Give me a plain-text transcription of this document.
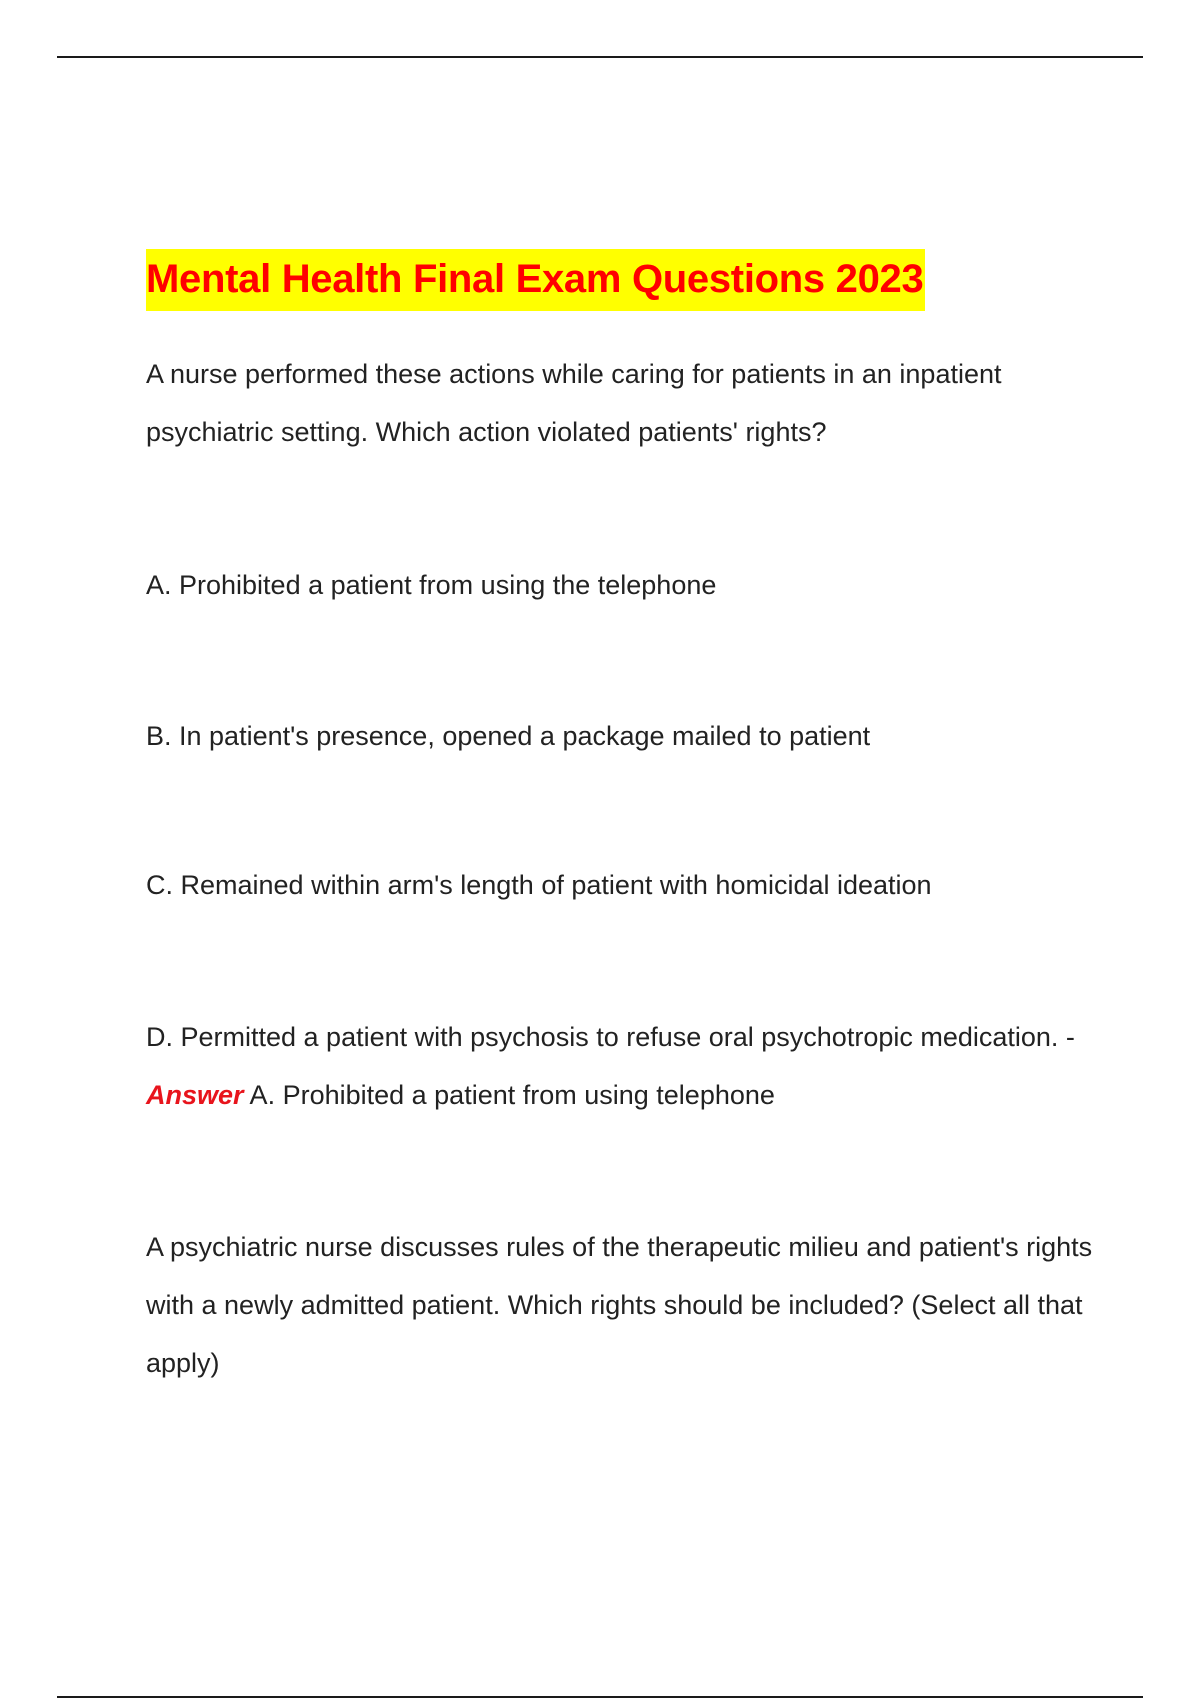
Mental Health Final Exam Questions 2023

A nurse performed these actions while caring for patients in an inpatient psychiatric setting. Which action violated patients' rights?

A. Prohibited a patient from using the telephone

B. In patient's presence, opened a package mailed to patient

C. Remained within arm's length of patient with homicidal ideation

D. Permitted a patient with psychosis to refuse oral psychotropic medication. - Answer A. Prohibited a patient from using telephone

A psychiatric nurse discusses rules of the therapeutic milieu and patient's rights with a newly admitted patient. Which rights should be included? (Select all that apply)
